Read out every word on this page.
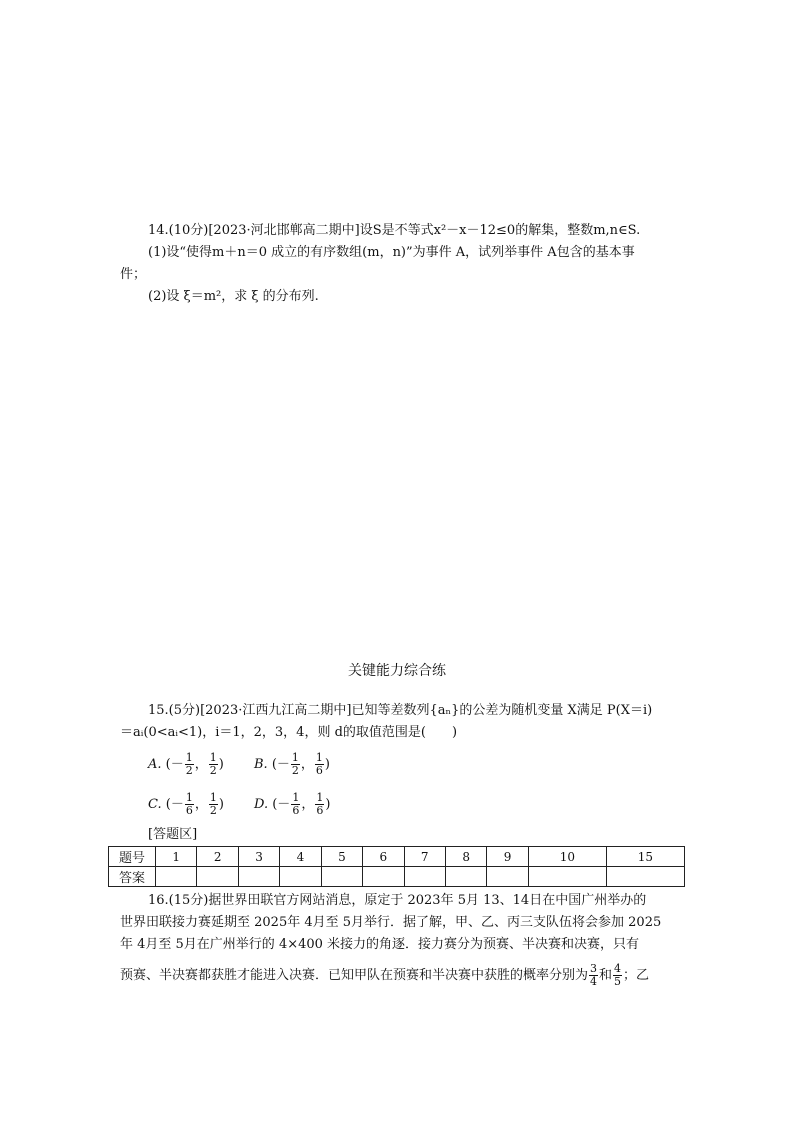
14.(10分)[2023·河北邯郸高二期中]设S是不等式x²－x－12≤0的解集，整数m,n∈S.
(1)设“使得m＋n＝0 成立的有序数组(m，n)”为事件 A，试列举事件 A包含的基本事
件；
(2)设 ξ＝m²，求 ξ 的分布列.
关键能力综合练
15.(5分)[2023·江西九江高二期中]已知等差数列{aₙ}的公差为随机变量 X满足 P(X＝i)
＝aᵢ(0<aᵢ<1)，i＝1，2，3，4，则 d的取值范围是(　　)
A. (－ $\frac{1}{2}$ ， $\frac{1}{2}$ ) B. (－ $\frac{1}{2}$ ， $\frac{1}{6}$ )
C. (－ $\frac{1}{6}$ ， $\frac{1}{2}$ ) D. (－ $\frac{1}{6}$ ， $\frac{1}{6}$ )
[答题区]
题号	1	2	3	4	5	6	7	8	9	10	15
答案											
16.(15分)据世界田联官方网站消息，原定于 2023年 5月 13、14日在中国广州举办的
世界田联接力赛延期至 2025年 4月至 5月举行．据了解，甲、乙、丙三支队伍将会参加 2025
年 4月至 5月在广州举行的 4×400 米接力的角逐．接力赛分为预赛、半决赛和决赛，只有
预赛、半决赛都获胜才能进入决赛．已知甲队在预赛和半决赛中获胜的概率分别为 $\frac{3}{4}$ 和 $\frac{4}{5}$ ；乙
